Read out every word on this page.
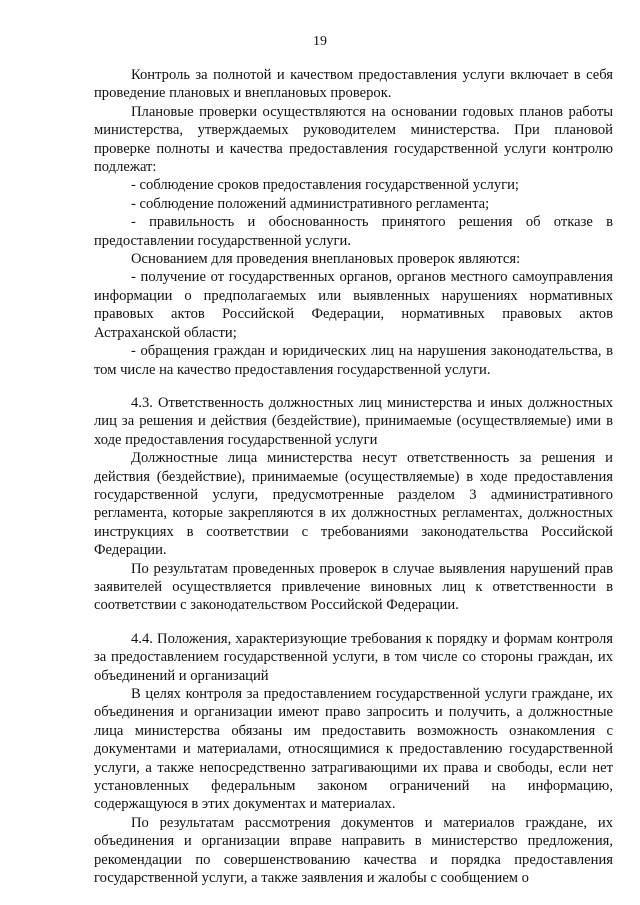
19

Контроль за полнотой и качеством предоставления услуги включает в себя проведение плановых и внеплановых проверок.

Плановые проверки осуществляются на основании годовых планов работы министерства, утверждаемых руководителем министерства. При плановой проверке полноты и качества предоставления государственной услуги контролю подлежат:

- соблюдение сроков предоставления государственной услуги;

- соблюдение положений административного регламента;

- правильность и обоснованность принятого решения об отказе в предоставлении государственной услуги.

Основанием для проведения внеплановых проверок являются:

- получение от государственных органов, органов местного самоуправления информации о предполагаемых или выявленных нарушениях нормативных правовых актов Российской Федерации, нормативных правовых актов Астраханской области;

- обращения граждан и юридических лиц на нарушения законодательства, в том числе на качество предоставления государственной услуги.

4.3. Ответственность должностных лиц министерства и иных должностных лиц за решения и действия (бездействие), принимаемые (осуществляемые) ими в ходе предоставления государственной услуги

Должностные лица министерства несут ответственность за решения и действия (бездействие), принимаемые (осуществляемые) в ходе предоставления государственной услуги, предусмотренные разделом 3 административного регламента, которые закрепляются в их должностных регламентах, должностных инструкциях в соответствии с требованиями законодательства Российской Федерации.

По результатам проведенных проверок в случае выявления нарушений прав заявителей осуществляется привлечение виновных лиц к ответственности в соответствии с законодательством Российской Федерации.

4.4. Положения, характеризующие требования к порядку и формам контроля за предоставлением государственной услуги, в том числе со стороны граждан, их объединений и организаций

В целях контроля за предоставлением государственной услуги граждане, их объединения и организации имеют право запросить и получить, а должностные лица министерства обязаны им предоставить возможность ознакомления с документами и материалами, относящимися к предоставлению государственной услуги, а также непосредственно затрагивающими их права и свободы, если нет установленных федеральным законом ограничений на информацию, содержащуюся в этих документах и материалах.

По результатам рассмотрения документов и материалов граждане, их объединения и организации вправе направить в министерство предложения, рекомендации по совершенствованию качества и порядка предоставления государственной услуги, а также заявления и жалобы с сообщением о
